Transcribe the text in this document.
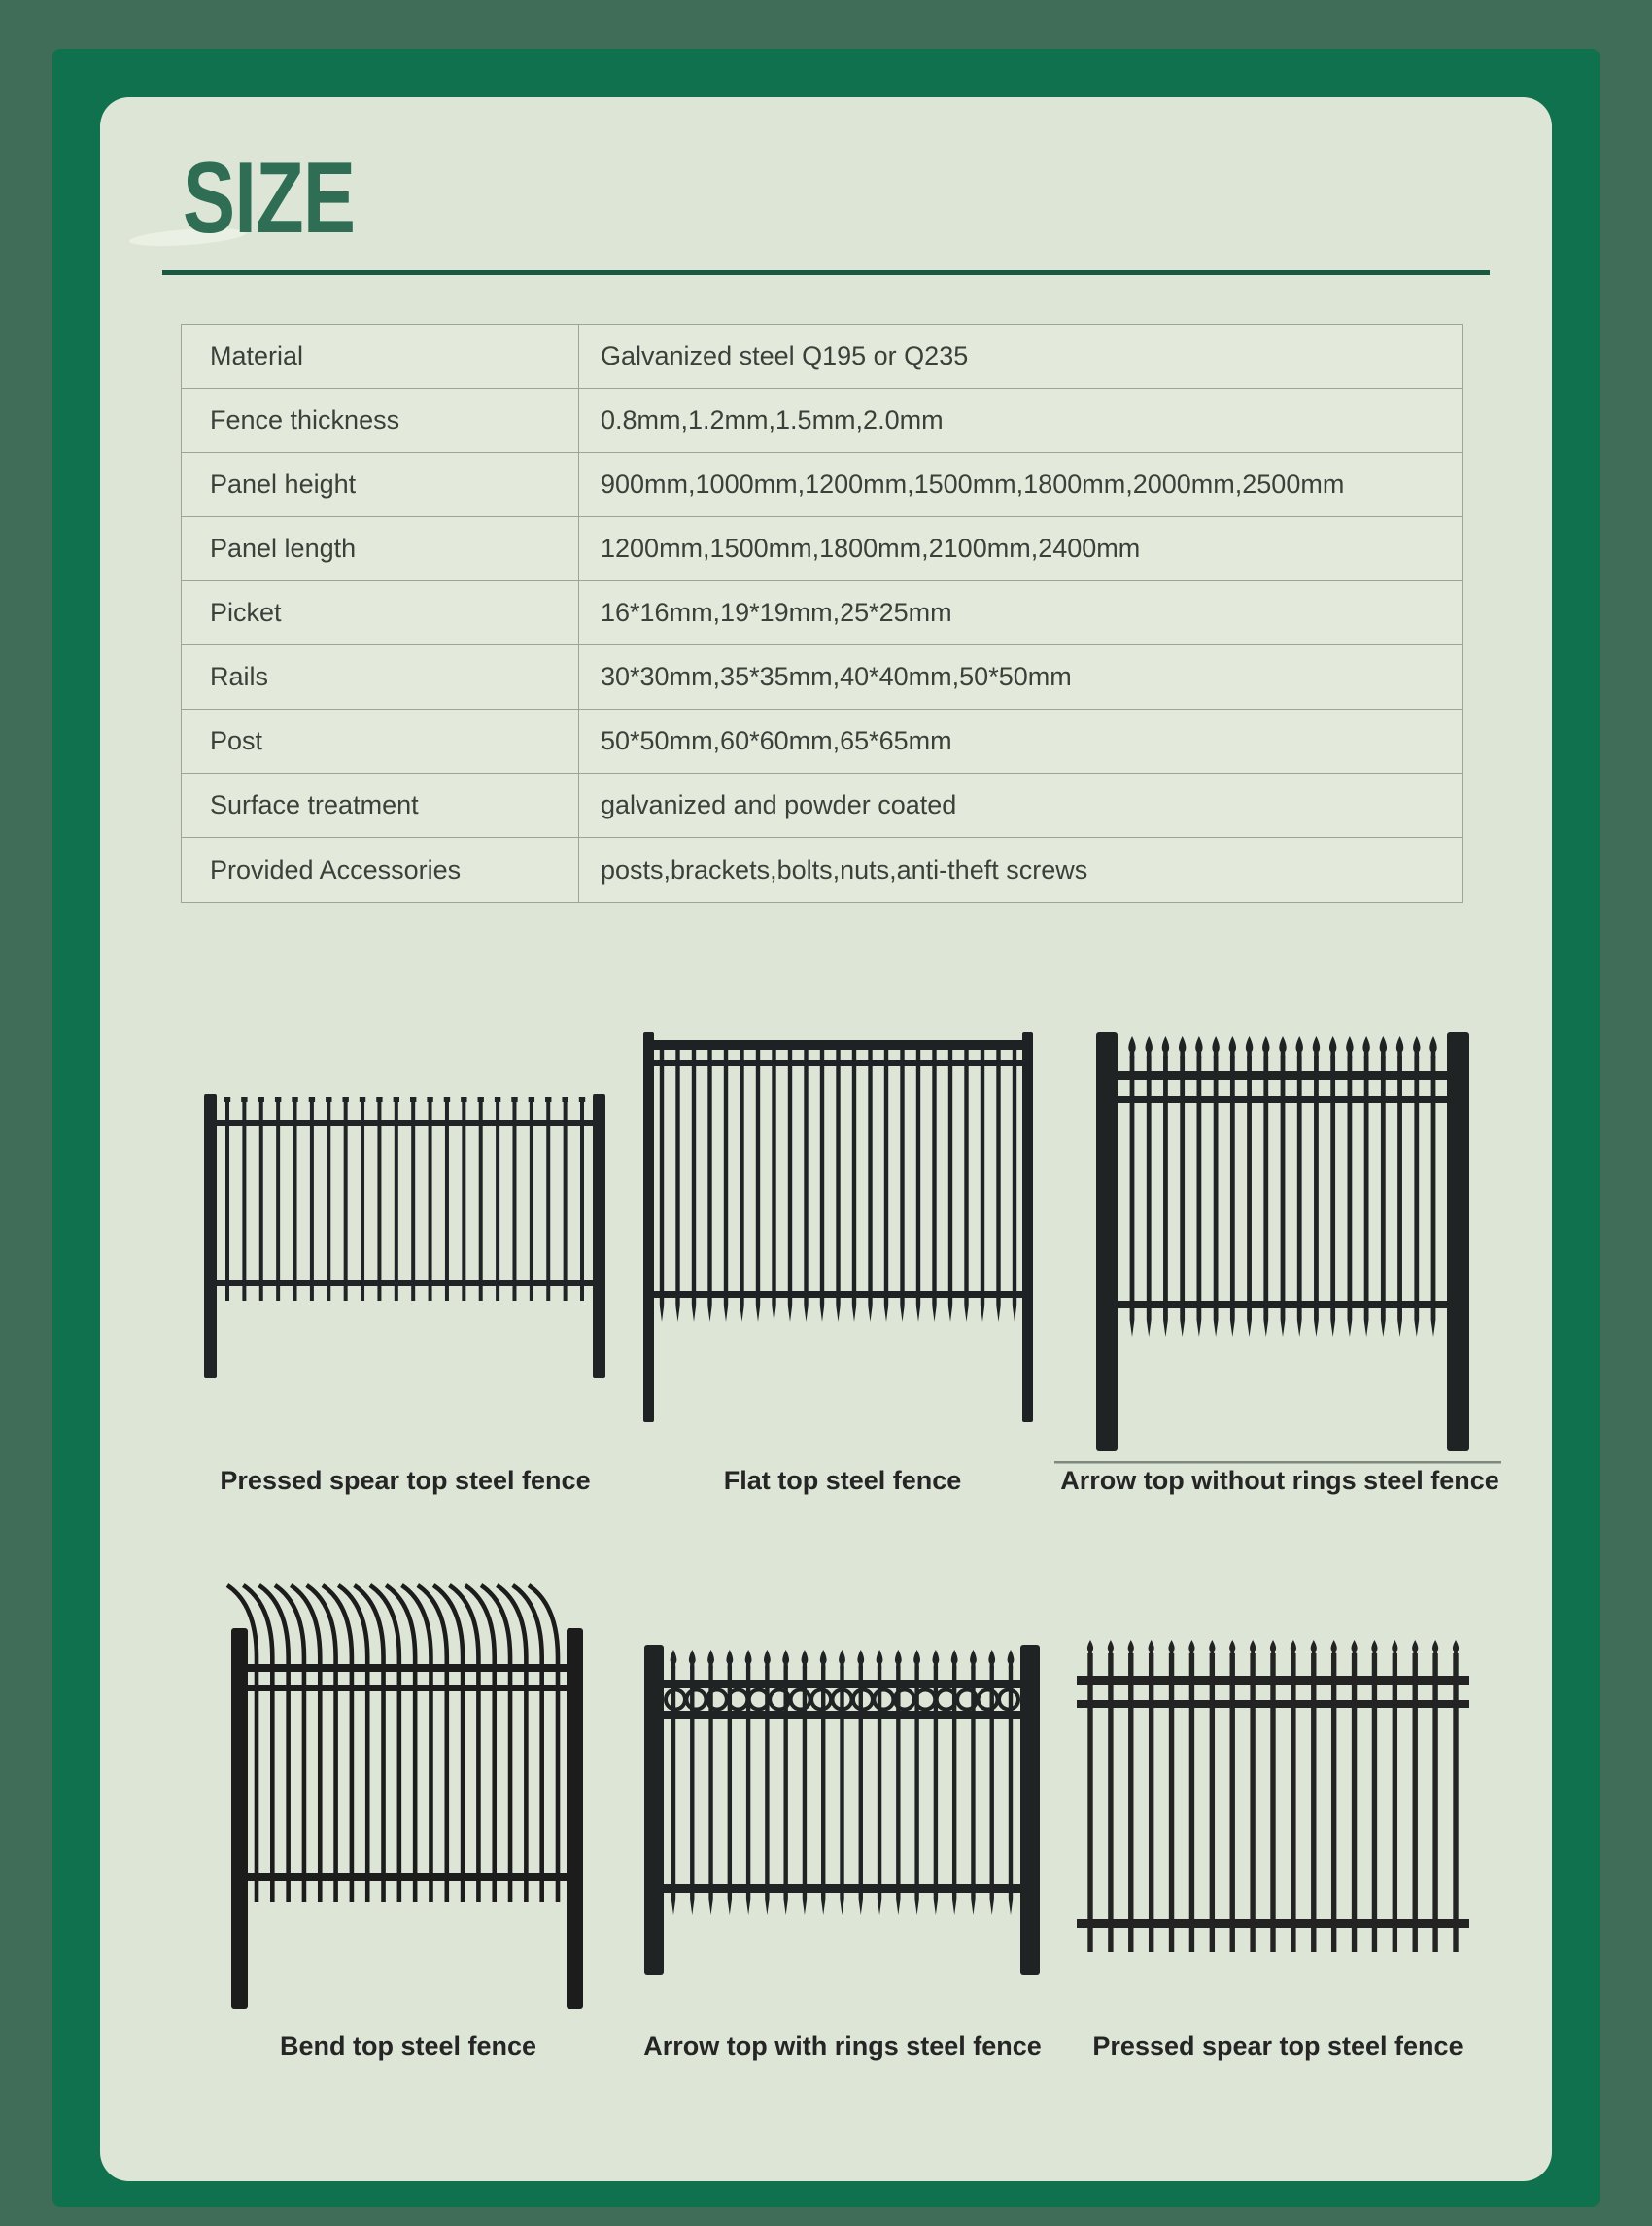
SIZE
Material	Galvanized steel Q195 or Q235
Fence thickness	0.8mm,1.2mm,1.5mm,2.0mm
Panel height	900mm,1000mm,1200mm,1500mm,1800mm,2000mm,2500mm
Panel length	1200mm,1500mm,1800mm,2100mm,2400mm
Picket	16*16mm,19*19mm,25*25mm
Rails	30*30mm,35*35mm,40*40mm,50*50mm
Post	50*50mm,60*60mm,65*65mm
Surface treatment	galvanized and powder coated
Provided Accessories	posts,brackets,bolts,nuts,anti-theft screws
Pressed spear top steel fence	Flat top steel fence	Arrow top without rings steel fence
Bend top steel fence	Arrow top with rings steel fence	Pressed spear top steel fence
